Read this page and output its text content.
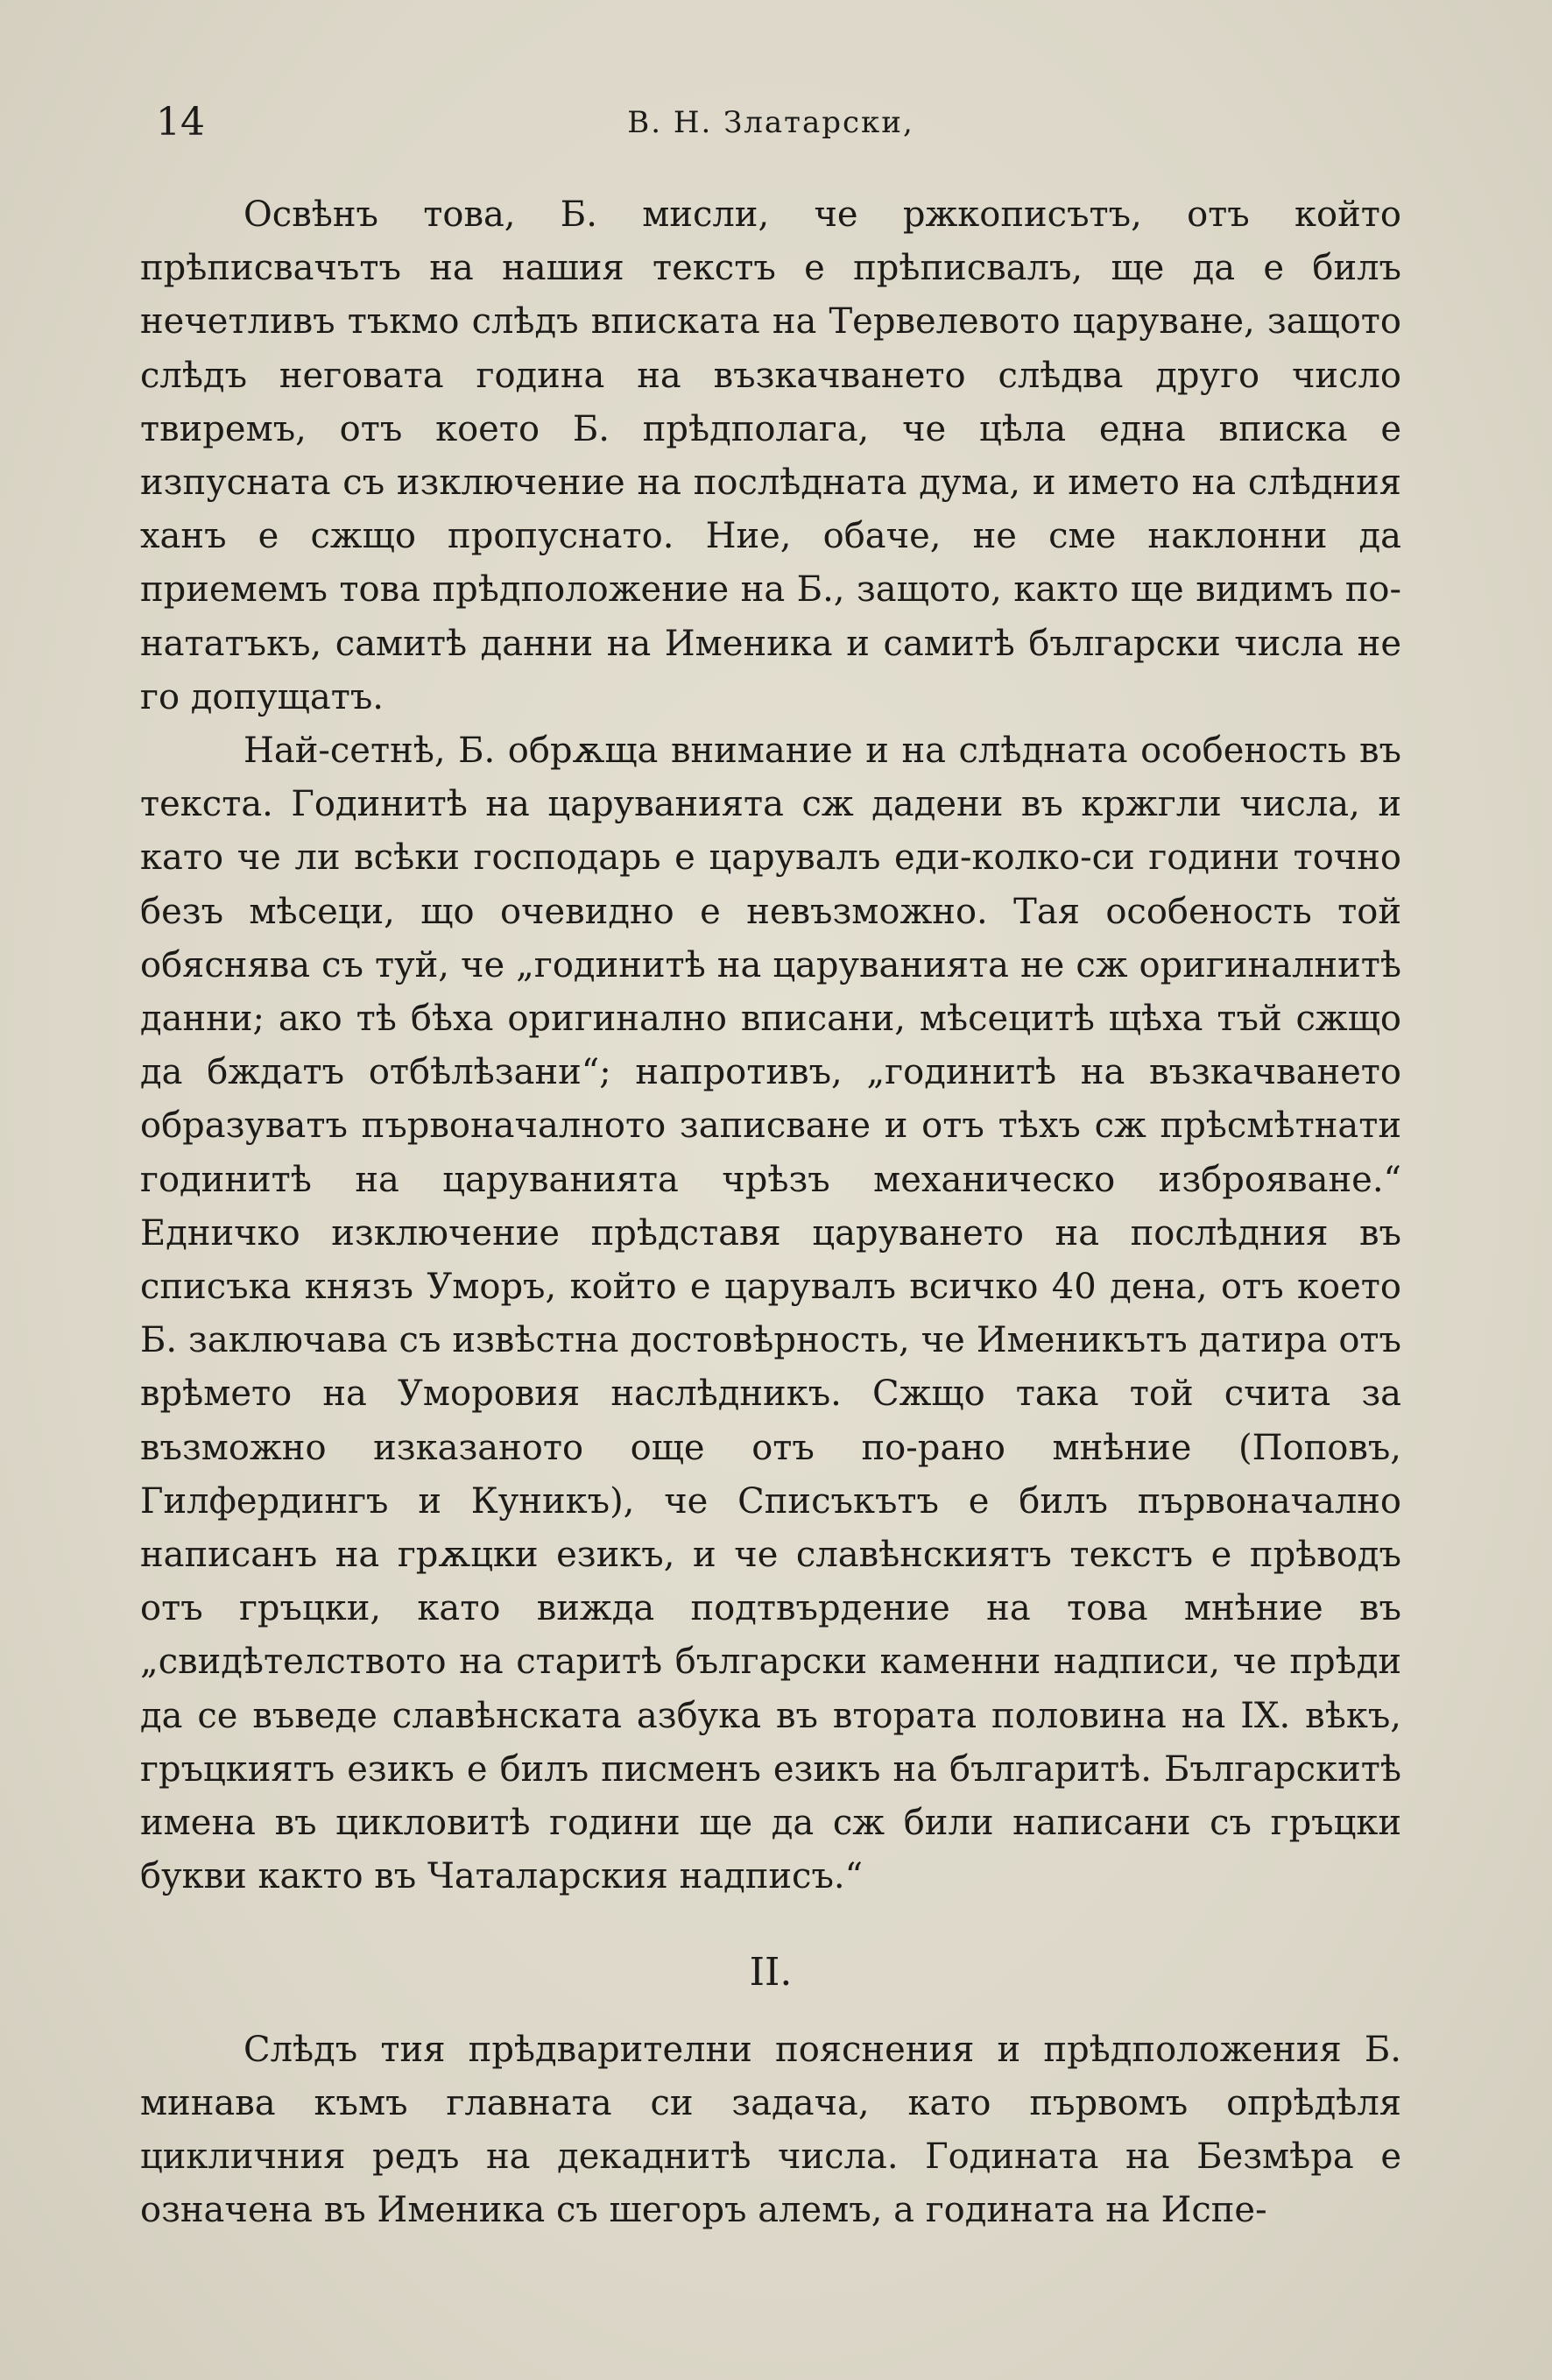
14	В. Н. Златарски,

Освѣнъ това, Б. мисли, че ржкописътъ, отъ който прѣписвачътъ на нашия текстъ е прѣписвалъ, ще да е билъ нечетливъ тъкмо слѣдъ вписката на Тервелевото царуване, защото слѣдъ неговата година на възкачването слѣдва друго число твиремъ, отъ което Б. прѣдполага, че цѣла една вписка е изпусната съ изключение на послѣдната дума, и името на слѣдния ханъ е сжщо пропуснато. Ние, обаче, не сме наклонни да приемемъ това прѣдположение на Б., защото, както ще видимъ по-нататъкъ, самитѣ данни на Именика и самитѣ български числа не го допущатъ.

Най-сетнѣ, Б. обрѫща внимание и на слѣдната особеность въ текста. Годинитѣ на царуванията сж дадени въ кржгли числа, и като че ли всѣки господарь е царувалъ еди-колко-си години точно безъ мѣсеци, що очевидно е невъзможно. Тая особеность той обяснява съ туй, че „годинитѣ на царуванията не сж оригиналнитѣ данни; ако тѣ бѣха оригинално вписани, мѣсецитѣ щѣха тъй сжщо да бждатъ отбѣлѣзани“; напротивъ, „годинитѣ на възкачването образуватъ първоначалното записване и отъ тѣхъ сж прѣсмѣтнати годинитѣ на царуванията чрѣзъ механическо изброяване.“ Едничко изключение прѣдставя царуването на послѣдния въ списъка князъ Уморъ, който е царувалъ всичко 40 дена, отъ което Б. заключава съ извѣстна достовѣрность, че Именикътъ датира отъ врѣмето на Уморовия наслѣдникъ. Сжщо така той счита за възможно изказаното още отъ по-рано мнѣние (Поповъ, Гилфердингъ и Куникъ), че Списъкътъ е билъ първоначално написанъ на грѫцки езикъ, и че славѣнскиятъ текстъ е прѣводъ отъ гръцки, като вижда подтвърдение на това мнѣние въ „свидѣтелството на старитѣ български каменни надписи, че прѣди да се въведе славѣнската азбука въ втората половина на IX. вѣкъ, гръцкиятъ езикъ е билъ писменъ езикъ на българитѣ. Българскитѣ имена въ цикловитѣ години ще да сж били написани съ гръцки букви както въ Чаталарския надписъ.“

II.

Слѣдъ тия прѣдварителни пояснения и прѣдположения Б. минава къмъ главната си задача, като първомъ опрѣдѣля цикличния редъ на декаднитѣ числа. Годината на Безмѣра е означена въ Именика съ шегоръ алемъ, а годината на Испе-
